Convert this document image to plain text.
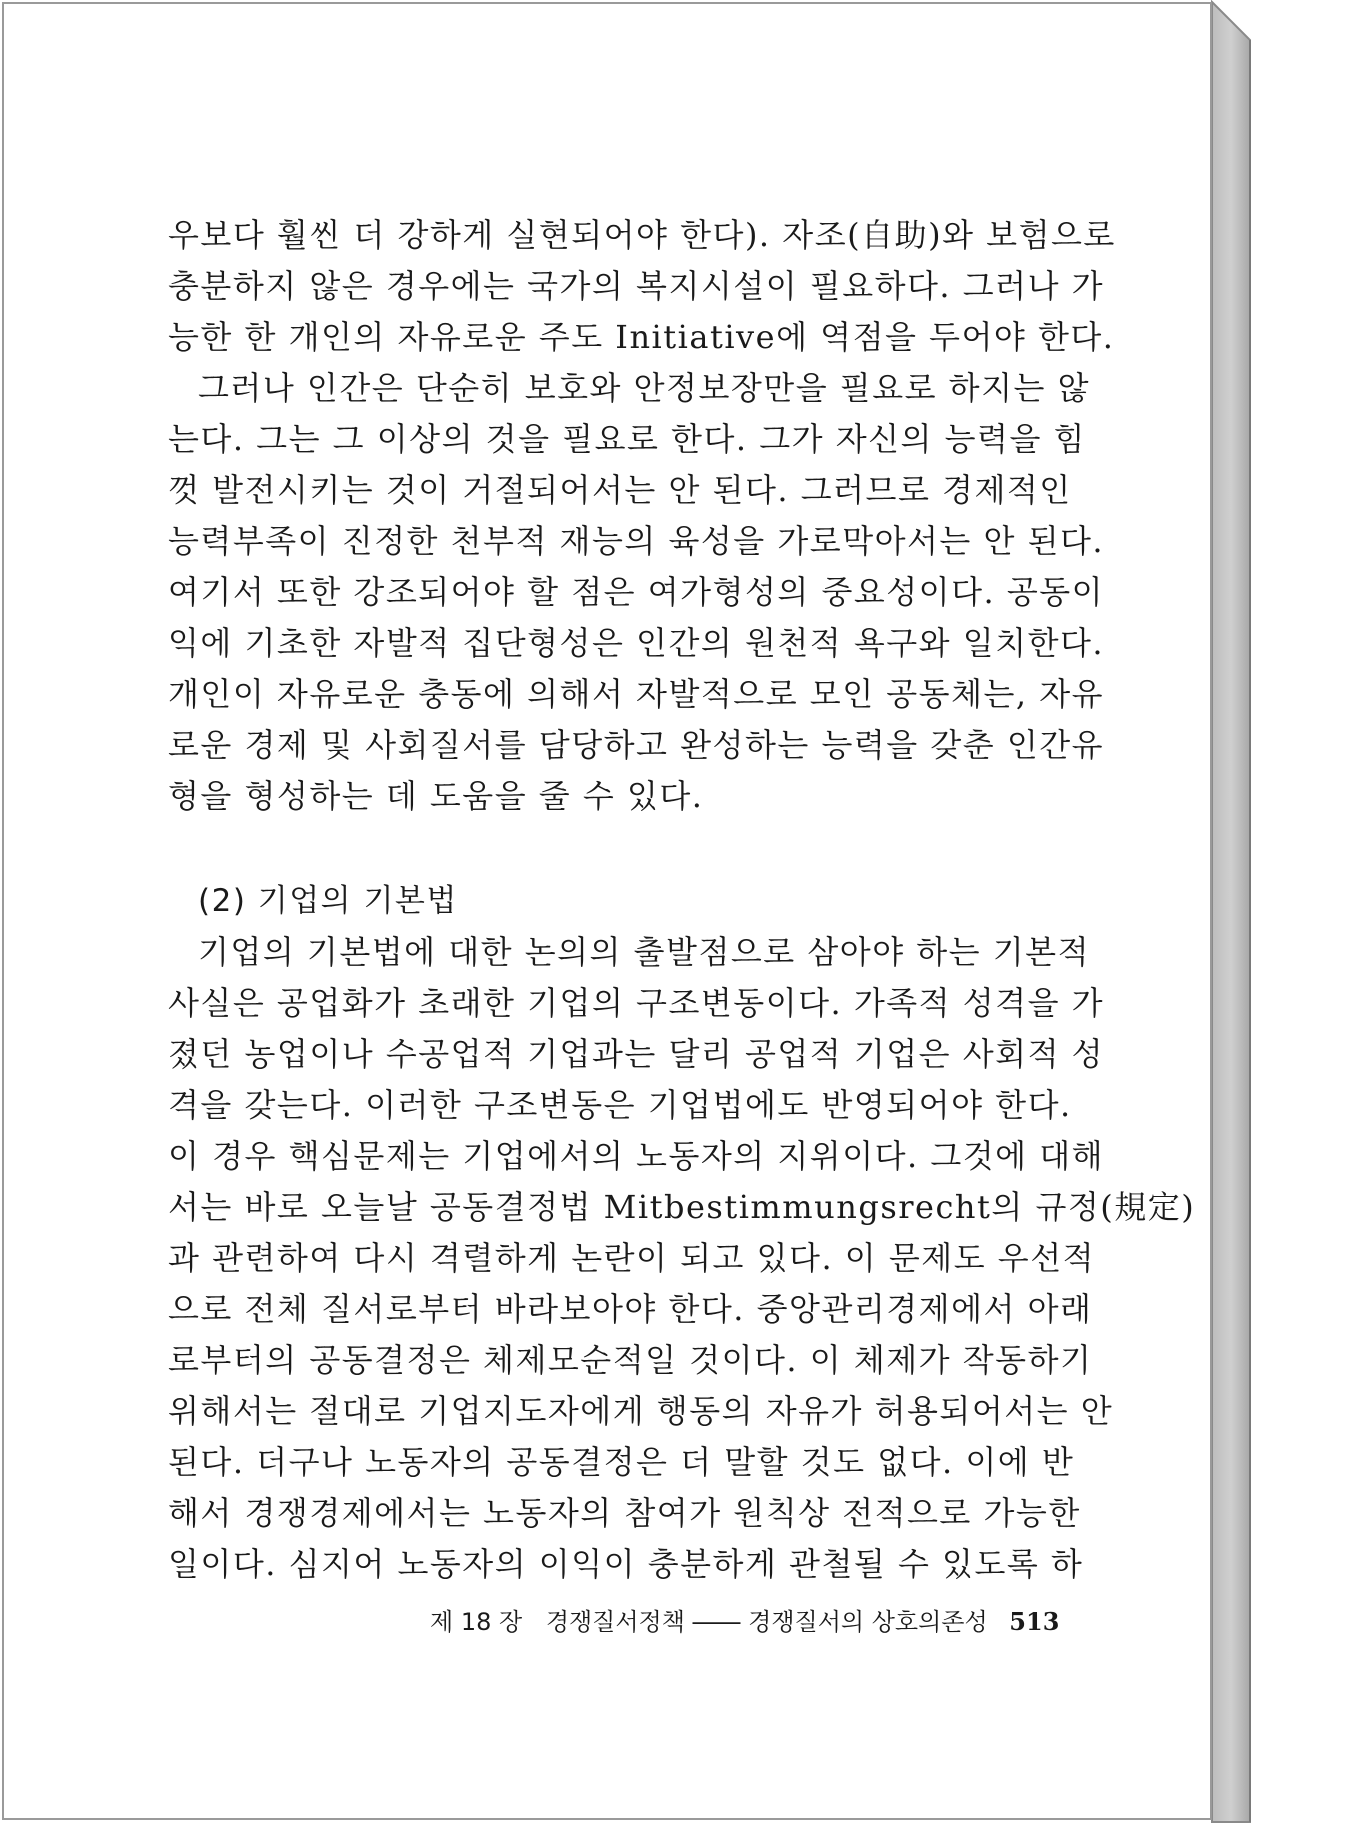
우보다 훨씬 더 강하게 실현되어야 한다). 자조(自助)와 보험으로
충분하지 않은 경우에는 국가의 복지시설이 필요하다. 그러나 가
능한 한 개인의 자유로운 주도 Initiative에 역점을 두어야 한다.
그러나 인간은 단순히 보호와 안정보장만을 필요로 하지는 않
는다. 그는 그 이상의 것을 필요로 한다. 그가 자신의 능력을 힘
껏 발전시키는 것이 거절되어서는 안 된다. 그러므로 경제적인
능력부족이 진정한 천부적 재능의 육성을 가로막아서는 안 된다.
여기서 또한 강조되어야 할 점은 여가형성의 중요성이다. 공동이
익에 기초한 자발적 집단형성은 인간의 원천적 욕구와 일치한다.
개인이 자유로운 충동에 의해서 자발적으로 모인 공동체는, 자유
로운 경제 및 사회질서를 담당하고 완성하는 능력을 갖춘 인간유
형을 형성하는 데 도움을 줄 수 있다.
(2) 기업의 기본법
기업의 기본법에 대한 논의의 출발점으로 삼아야 하는 기본적
사실은 공업화가 초래한 기업의 구조변동이다. 가족적 성격을 가
졌던 농업이나 수공업적 기업과는 달리 공업적 기업은 사회적 성
격을 갖는다. 이러한 구조변동은 기업법에도 반영되어야 한다.
이 경우 핵심문제는 기업에서의 노동자의 지위이다. 그것에 대해
서는 바로 오늘날 공동결정법 Mitbestimmungsrecht의 규정(規定)
과 관련하여 다시 격렬하게 논란이 되고 있다. 이 문제도 우선적
으로 전체 질서로부터 바라보아야 한다. 중앙관리경제에서 아래
로부터의 공동결정은 체제모순적일 것이다. 이 체제가 작동하기
위해서는 절대로 기업지도자에게 행동의 자유가 허용되어서는 안
된다. 더구나 노동자의 공동결정은 더 말할 것도 없다. 이에 반
해서 경쟁경제에서는 노동자의 참여가 원칙상 전적으로 가능한
일이다. 심지어 노동자의 이익이 충분하게 관철될 수 있도록 하
제 18 장 경쟁질서정책 ―― 경쟁질서의 상호의존성 513
